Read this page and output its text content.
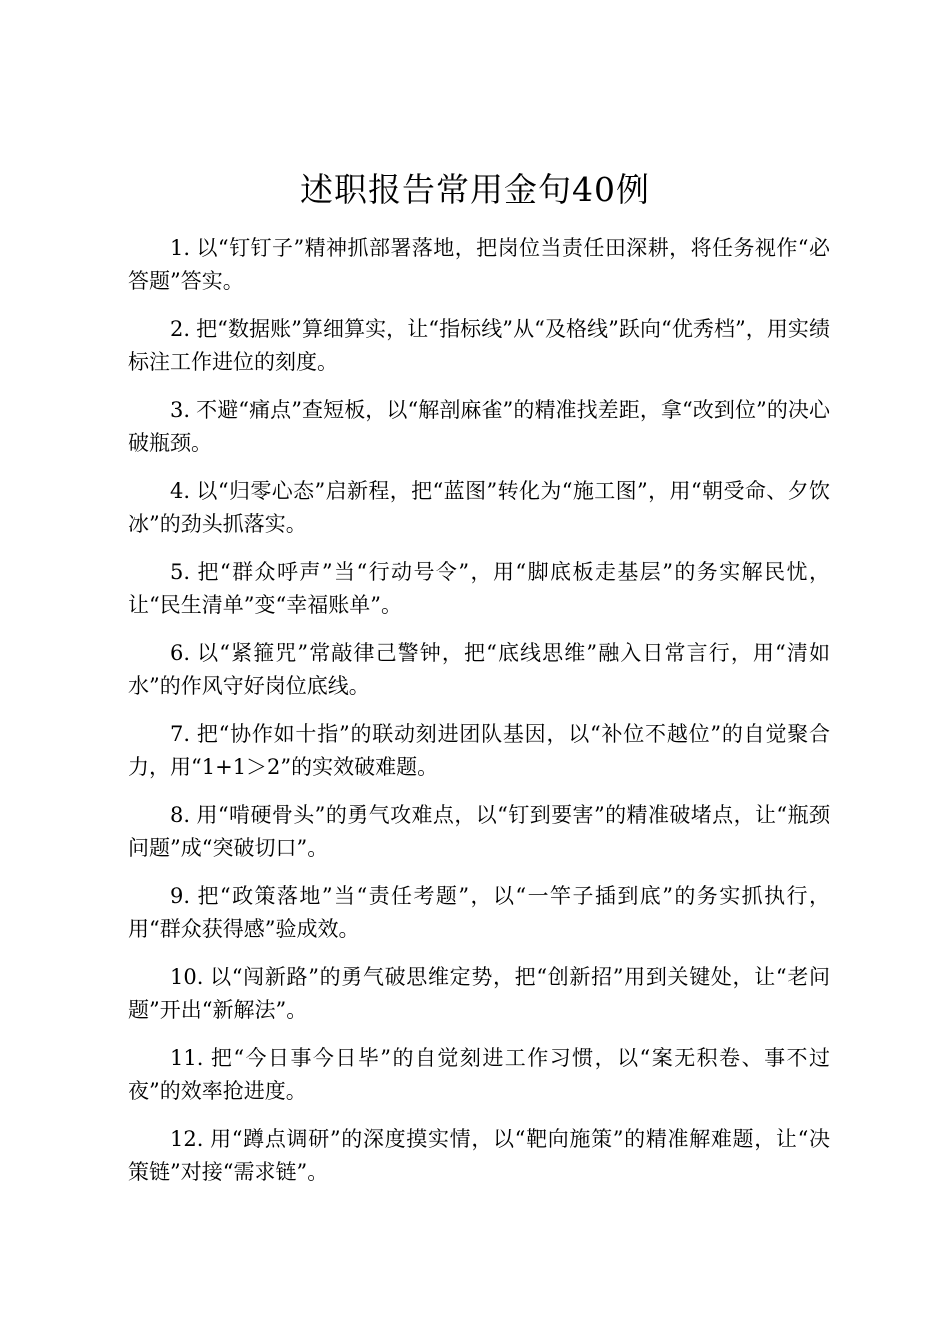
述职报告常用金句40例

1. 以“钉钉子”精神抓部署落地，把岗位当责任田深耕，将任务视作“必答题”答实。

2. 把“数据账”算细算实，让“指标线”从“及格线”跃向“优秀档”，用实绩标注工作进位的刻度。

3. 不避“痛点”查短板，以“解剖麻雀”的精准找差距，拿“改到位”的决心破瓶颈。

4. 以“归零心态”启新程，把“蓝图”转化为“施工图”，用“朝受命、夕饮冰”的劲头抓落实。

5. 把“群众呼声”当“行动号令”，用“脚底板走基层”的务实解民忧，让“民生清单”变“幸福账单”。

6. 以“紧箍咒”常敲律己警钟，把“底线思维”融入日常言行，用“清如水”的作风守好岗位底线。

7. 把“协作如十指”的联动刻进团队基因，以“补位不越位”的自觉聚合力，用“1+1＞2”的实效破难题。

8. 用“啃硬骨头”的勇气攻难点，以“钉到要害”的精准破堵点，让“瓶颈问题”成“突破切口”。

9. 把“政策落地”当“责任考题”，以“一竿子插到底”的务实抓执行，用“群众获得感”验成效。

10. 以“闯新路”的勇气破思维定势，把“创新招”用到关键处，让“老问题”开出“新解法”。

11. 把“今日事今日毕”的自觉刻进工作习惯，以“案无积卷、事不过夜”的效率抢进度。

12. 用“蹲点调研”的深度摸实情，以“靶向施策”的精准解难题，让“决策链”对接“需求链”。
